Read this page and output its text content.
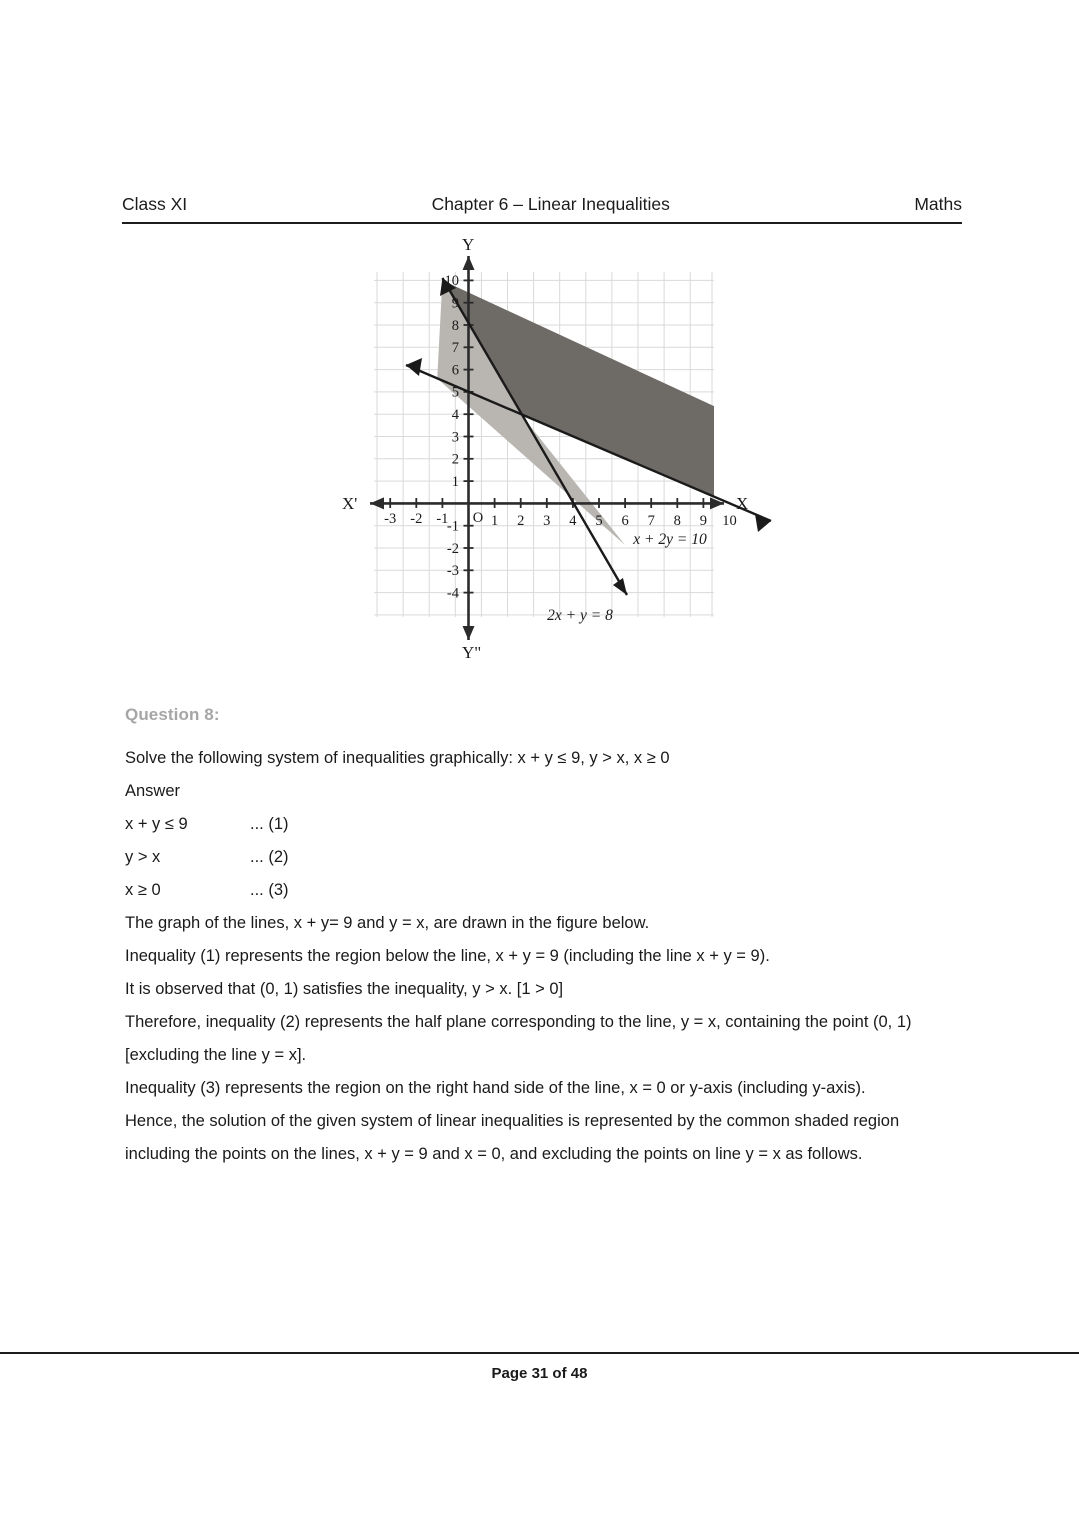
Class XI	Chapter 6 – Linear Inequalities	Maths
-3 -2 -1 O 1 2 3 4 5 6 7 8 9 10
10
9
8
7
6
5
4
3
2
1
-1
-2
-3
-4
X'	X
Y
Y"
x + 2y = 10
2x + y = 8
Question 8:

Solve the following system of inequalities graphically: x + y ≤ 9, y > x, x ≥ 0

Answer

x + y ≤ 9	... (1)
y > x	... (2)
x ≥ 0	... (3)

The graph of the lines, x + y= 9 and y = x, are drawn in the figure below.

Inequality (1) represents the region below the line, x + y = 9 (including the line x + y = 9).

It is observed that (0, 1) satisfies the inequality, y > x. [1 > 0]

Therefore, inequality (2) represents the half plane corresponding to the line, y = x, containing the point (0, 1) [excluding the line y = x].

Inequality (3) represents the region on the right hand side of the line, x = 0 or y-axis (including y-axis).

Hence, the solution of the given system of linear inequalities is represented by the common shaded region including the points on the lines, x + y = 9 and x = 0, and excluding the points on line y = x as follows.

Page 31 of 48
